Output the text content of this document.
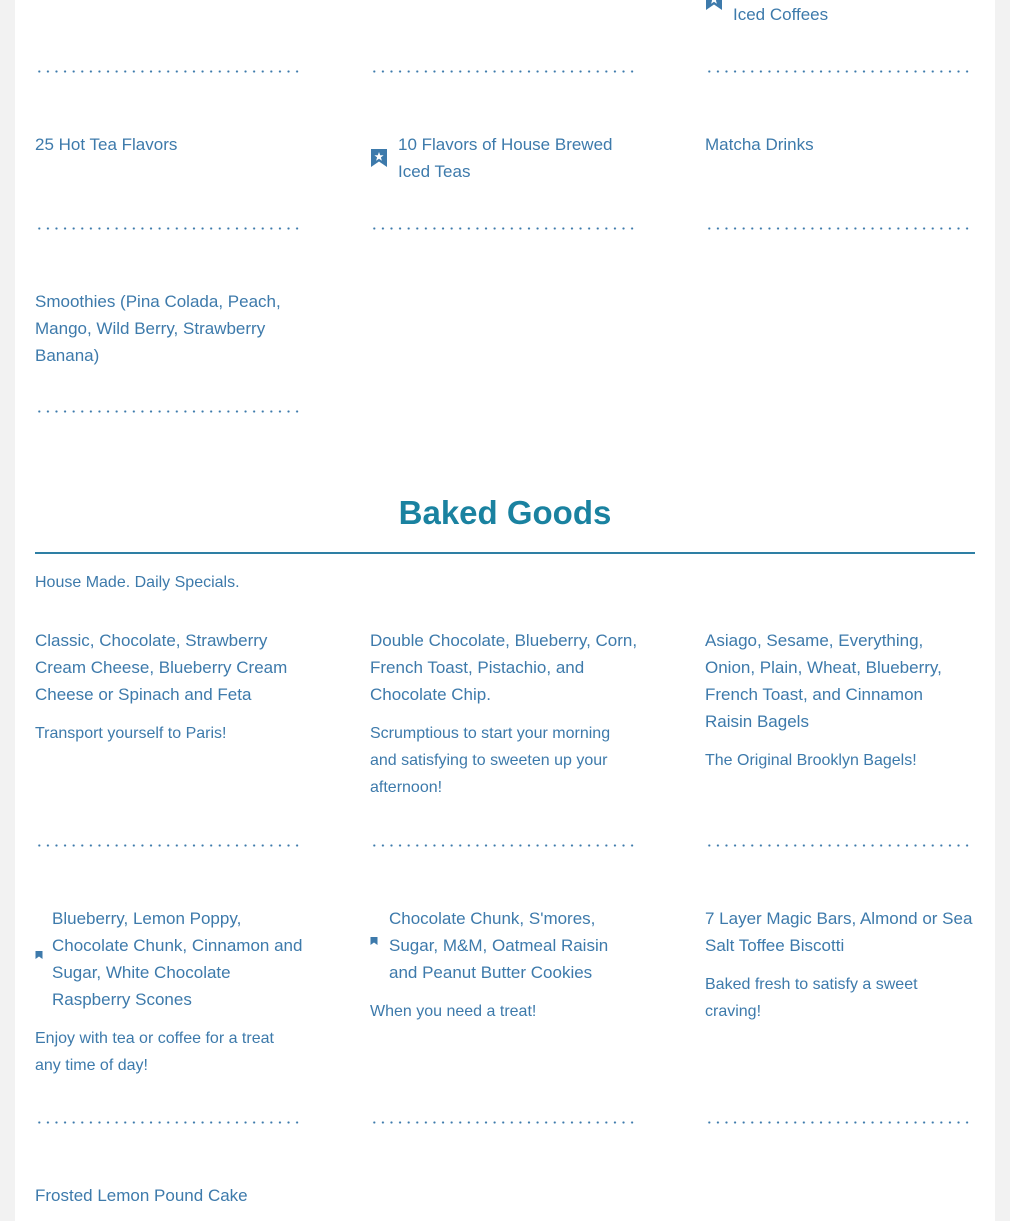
Iced Coffees
25 Hot Tea Flavors	10 Flavors of House Brewed Iced Teas
Matcha Drinks
Smoothies (Pina Colada, Peach, Mango, Wild Berry, Strawberry Banana)
Baked Goods
House Made. Daily Specials.
Classic, Chocolate, Strawberry Cream Cheese, Blueberry Cream Cheese or Spinach and Feta
Transport yourself to Paris!
Double Chocolate, Blueberry, Corn, French Toast, Pistachio, and Chocolate Chip.
Scrumptious to start your morning and satisfying to sweeten up your afternoon!
Asiago, Sesame, Everything, Onion, Plain, Wheat, Blueberry, French Toast, and Cinnamon Raisin Bagels
The Original Brooklyn Bagels!
Blueberry, Lemon Poppy, Chocolate Chunk, Cinnamon and Sugar, White Chocolate Raspberry Scones
Enjoy with tea or coffee for a treat any time of day!
Chocolate Chunk, S'mores, Sugar, M&M, Oatmeal Raisin and Peanut Butter Cookies
When you need a treat!
7 Layer Magic Bars, Almond or Sea Salt Toffee Biscotti
Baked fresh to satisfy a sweet craving!
Frosted Lemon Pound Cake
